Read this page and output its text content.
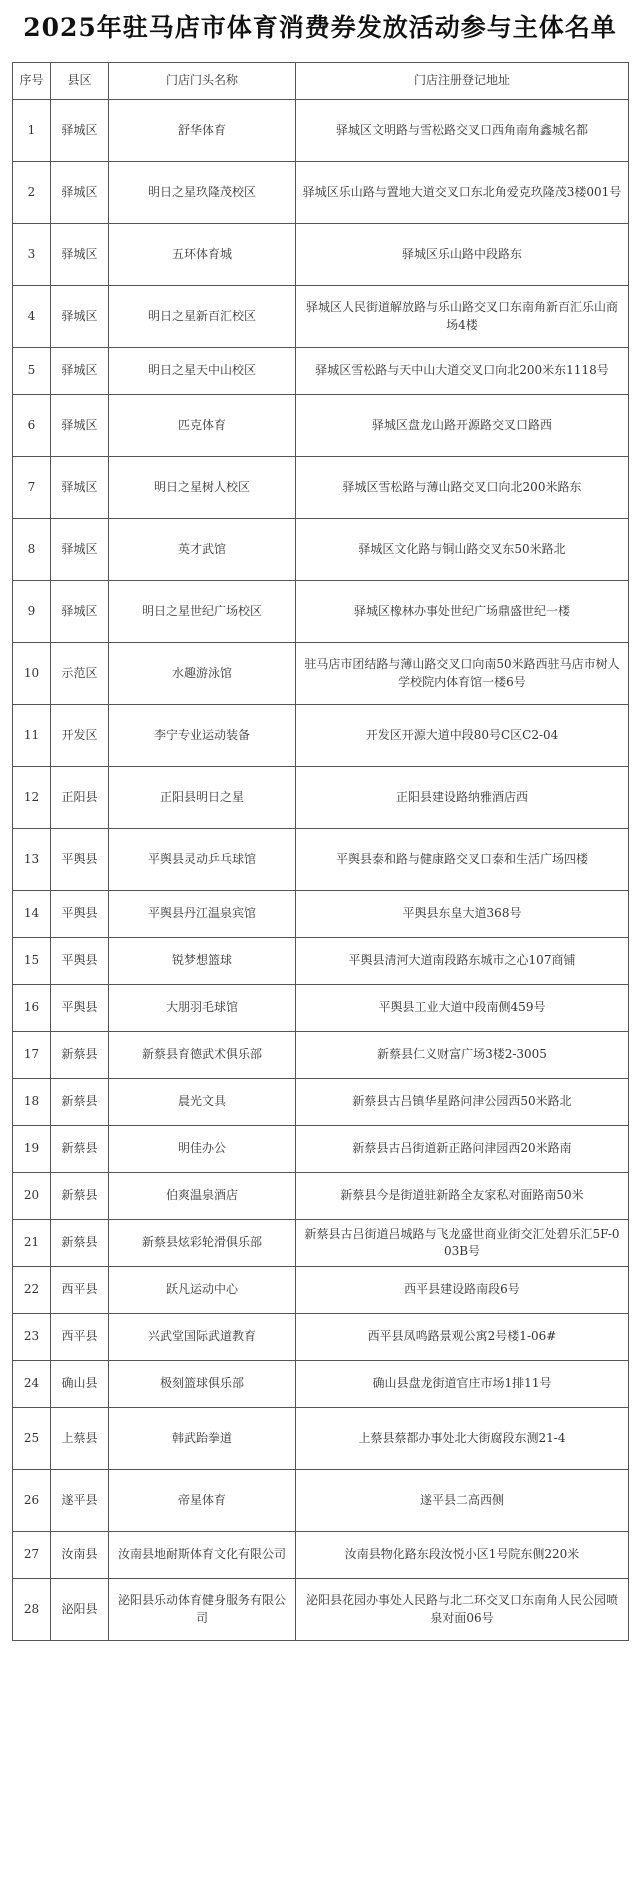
2025年驻马店市体育消费券发放活动参与主体名单
序号	县区	门店门头名称	门店注册登记地址
1	驿城区	舒华体育	驿城区文明路与雪松路交叉口西角南角鑫城名都
2	驿城区	明日之星玖隆茂校区	驿城区乐山路与置地大道交叉口东北角爱克玖隆茂3楼001号
3	驿城区	五环体育城	驿城区乐山路中段路东
4	驿城区	明日之星新百汇校区	驿城区人民街道解放路与乐山路交叉口东南角新百汇乐山商场4楼
5	驿城区	明日之星天中山校区	驿城区雪松路与天中山大道交叉口向北200米东1118号
6	驿城区	匹克体育	驿城区盘龙山路开源路交叉口路西
7	驿城区	明日之星树人校区	驿城区雪松路与薄山路交叉口向北200米路东
8	驿城区	英才武馆	驿城区文化路与铜山路交叉东50米路北
9	驿城区	明日之星世纪广场校区	驿城区橡林办事处世纪广场鼎盛世纪一楼
10	示范区	水趣游泳馆	驻马店市团结路与薄山路交叉口向南50米路西驻马店市树人学校院内体育馆一楼6号
11	开发区	李宁专业运动装备	开发区开源大道中段80号C区C2-04
12	正阳县	正阳县明日之星	正阳县建设路纳雅酒店西
13	平舆县	平舆县灵动乒乓球馆	平舆县泰和路与健康路交叉口泰和生活广场四楼
14	平舆县	平舆县丹江温泉宾馆	平舆县东皇大道368号
15	平舆县	锐梦想篮球	平舆县清河大道南段路东城市之心107商铺
16	平舆县	大朋羽毛球馆	平舆县工业大道中段南侧459号
17	新蔡县	新蔡县育德武术俱乐部	新蔡县仁义财富广场3楼2-3005
18	新蔡县	晨光文具	新蔡县古吕镇华星路问津公园西50米路北
19	新蔡县	明佳办公	新蔡县古吕街道新正路问津园西20米路南
20	新蔡县	伯爽温泉酒店	新蔡县今是街道驻新路全友家私对面路南50米
21	新蔡县	新蔡县炫彩轮滑俱乐部	新蔡县古吕街道吕城路与飞龙盛世商业街交汇处碧乐汇5F-003B号
22	西平县	跃凡运动中心	西平县建设路南段6号
23	西平县	兴武堂国际武道教育	西平县凤鸣路景观公寓2号楼1-06#
24	确山县	极刻篮球俱乐部	确山县盘龙街道官庄市场1排11号
25	上蔡县	韩武跆拳道	上蔡县蔡都办事处北大街腐段东测21-4
26	遂平县	帝星体育	遂平县二高西侧
27	汝南县	汝南县地耐斯体育文化有限公司	汝南县物化路东段汝悦小区1号院东侧220米
28	泌阳县	泌阳县乐动体育健身服务有限公司	泌阳县花园办事处人民路与北二环交叉口东南角人民公园喷泉对面06号
